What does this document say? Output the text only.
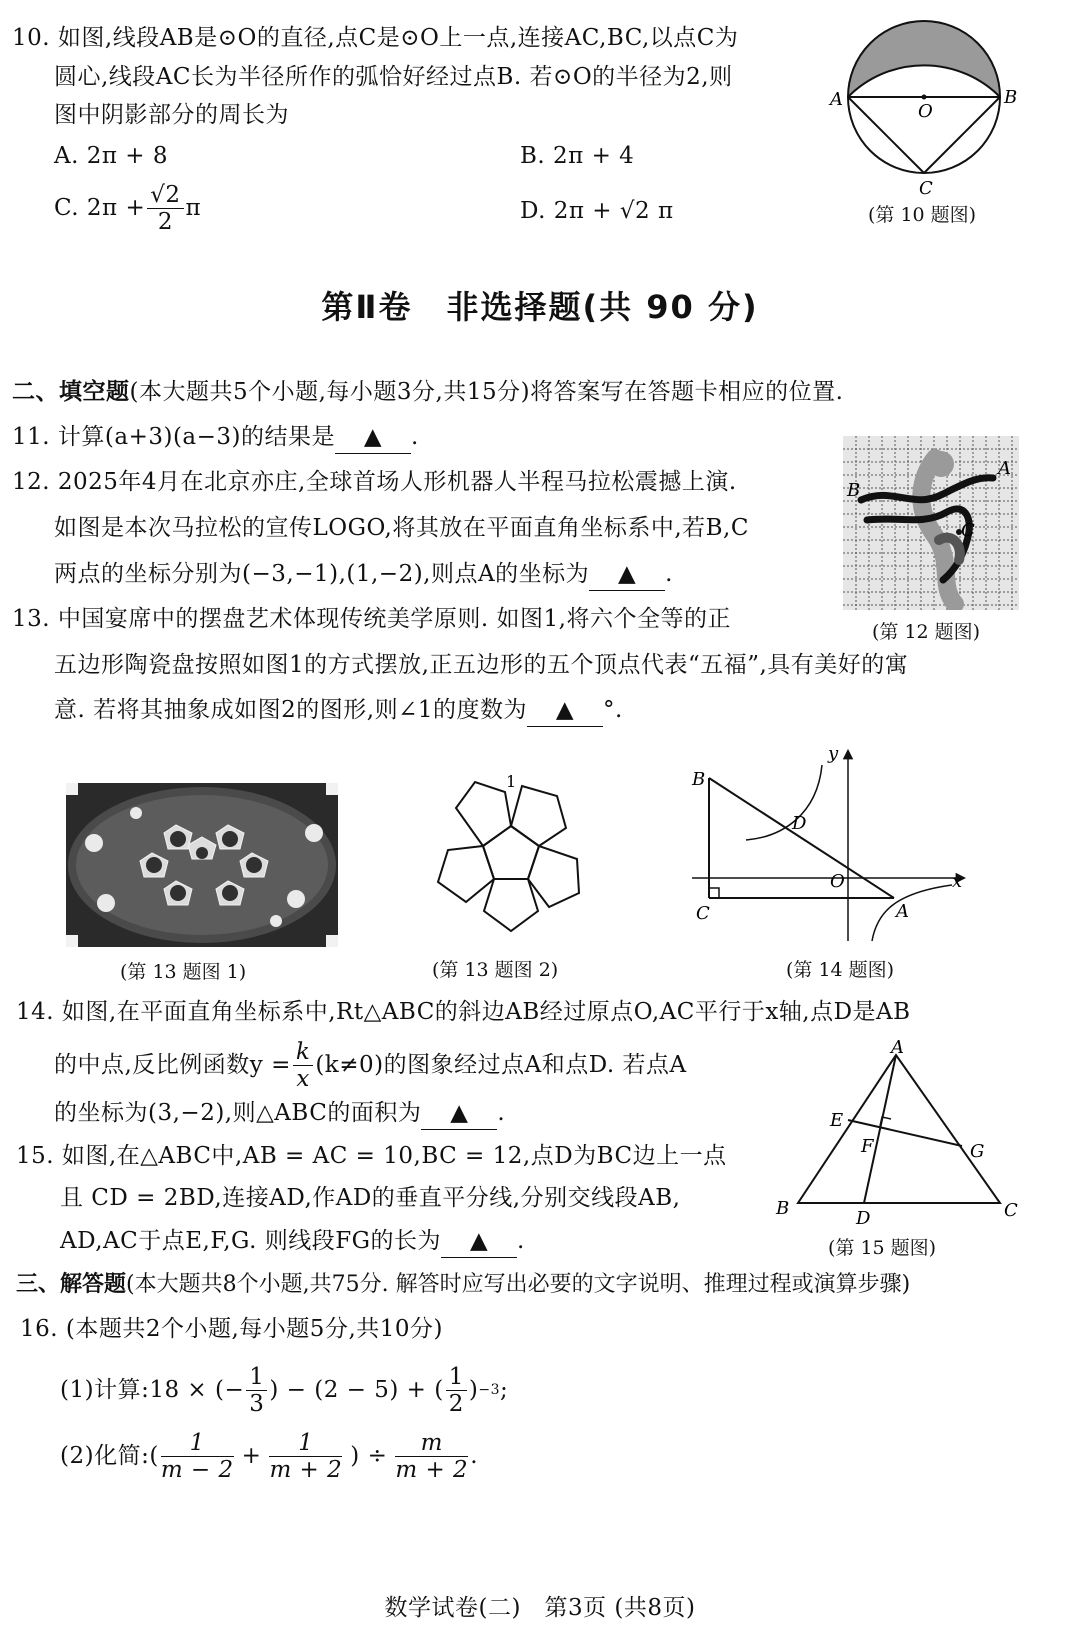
10. 如图,线段AB是⊙O的直径,点C是⊙O上一点,连接AC,BC,以点C为
圆心,线段AC长为半径所作的弧恰好经过点B. 若⊙O的半径为2,则
图中阴影部分的周长为
A. 2π + 8	B. 2π + 4
C. $2\pi + \frac{√2}{2}$ π	D. 2π + √2 π
A	B
O
C
(第 10 题图)
第Ⅱ卷　非选择题(共 90 分)
二、填空题(本大题共5个小题,每小题3分,共15分)将答案写在答题卡相应的位置.
11. 计算(a+3)(a−3)的结果是 ▲ .
12. 2025年4月在北京亦庄,全球首场人形机器人半程马拉松震撼上演.
如图是本次马拉松的宣传LOGO,将其放在平面直角坐标系中,若B,C
两点的坐标分别为(−3,−1),(1,−2),则点A的坐标为 ▲ .
A
B
C
(第 12 题图)
13. 中国宴席中的摆盘艺术体现传统美学原则. 如图1,将六个全等的正
五边形陶瓷盘按照如图1的方式摆放,正五边形的五个顶点代表“五福”,具有美好的寓
意. 若将其抽象成如图2的图形,则∠1的度数为 ▲ °.
(第 13 题图 1)
1
(第 13 题图 2)
B
C
D
O
A
x
y
(第 14 题图)
14. 如图,在平面直角坐标系中,Rt△ABC的斜边AB经过原点O,AC平行于x轴,点D是AB
的中点,反比例函数$y = \frac{k}{x} (k\ne 0)$的图象经过点A和点D. 若点A
的坐标为(3,−2),则△ABC的面积为 ▲ .
15. 如图,在△ABC中,AB = AC = 10,BC = 12,点D为BC边上一点
且 CD = 2BD,连接AD,作AD的垂直平分线,分别交线段AB,
AD,AC于点E,F,G. 则线段FG的长为 ▲ .
A
B	C
D
E
F	G
(第 15 题图)
三、解答题(本大题共8个小题,共75分. 解答时应写出必要的文字说明、推理过程或演算步骤)
16. (本题共2个小题,每小题5分,共10分)
(1)计算:18 × (− $\frac{1}{3}$ ) − (2 − 5) + ( $\frac{1}{2}$ ) −3 ;
(2)化简:( $\frac{1}{m - 2} + \frac{1}{m + 2}$ ) ÷ $\frac{m}{m + 2}$ .
数学试卷(二)　第3页 (共8页)
